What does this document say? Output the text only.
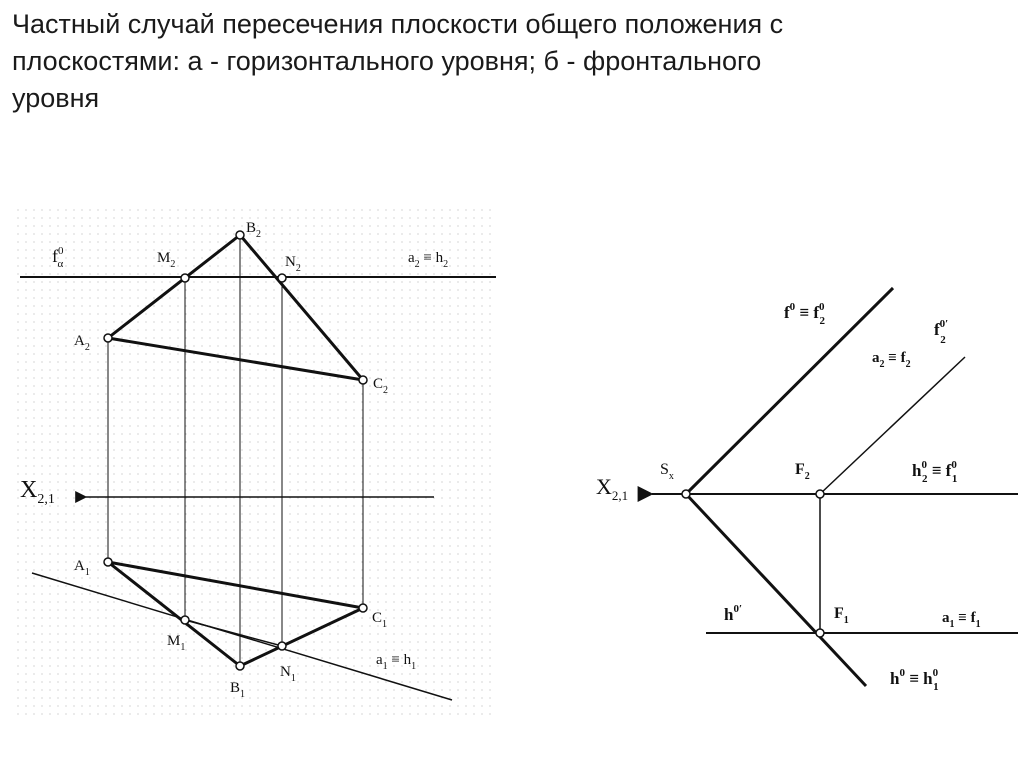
Частный случай пересечения плоскости общего положения с
плоскостями: а - горизонтального уровня; б - фронтального
уровня
$f^0$ α
$B_2$
$M_2$	$N_2$
$a_2 \equiv h_2$
$A_2$
$C_2$
$X_{2,1}$
$A_1$
$C_1$
$M_1$
$N_1$
$B_1$
$a_1 \equiv h_1$
$f^0 \equiv f^0$ 2	$f^{0'}$ 2
$a_2 \equiv f_2$
$S_x$	$F_2$	$h^0$ $2 \equiv f^0$ 1
$X_{2,1}$
$h^{0'}$	$F_1$	$a_1 \equiv f_1$
$h^0 \equiv h^0$ 1
